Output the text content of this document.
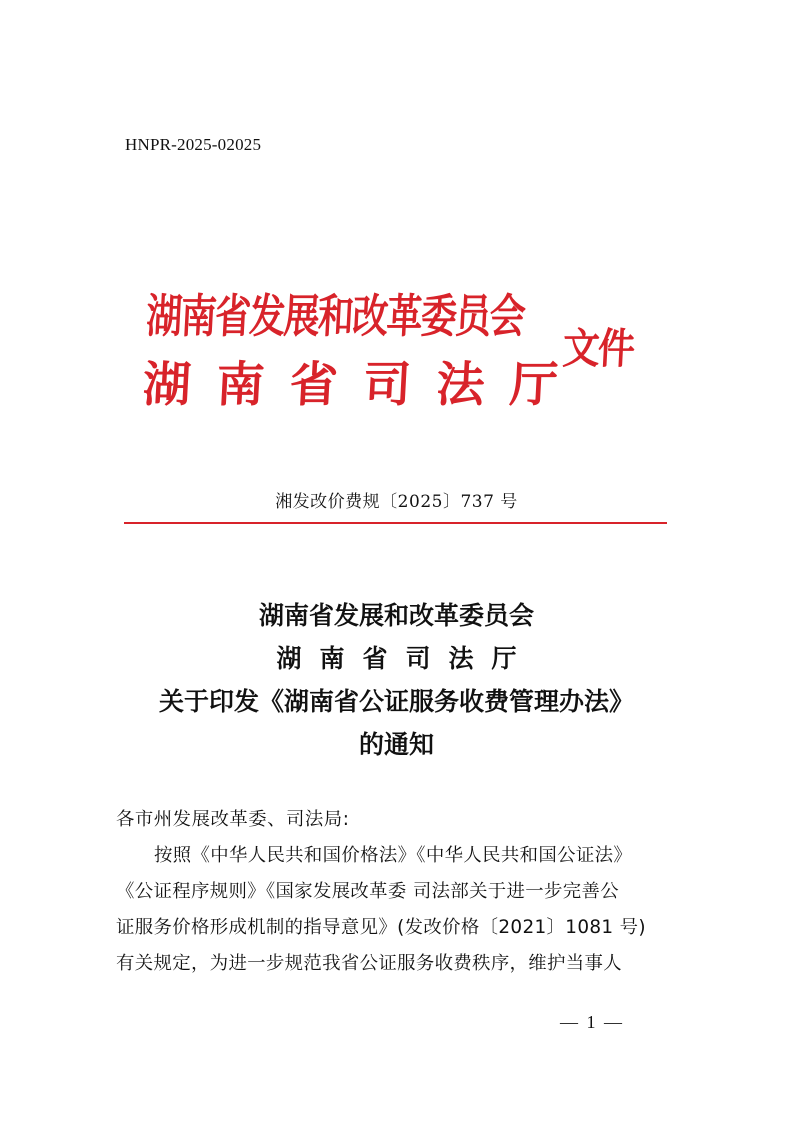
HNPR-2025-02025
湖南省发展和改革委员会
湖 南 省 司 法 厅
文件
湘发改价费规〔2025〕737 号
湖南省发展和改革委员会
湖南省司法厅
关于印发《湖南省公证服务收费管理办法》
的通知

各市州发展改革委、司法局:

按照《中华人民共和国价格法》《中华人民共和国公证法》

《公证程序规则》《国家发展改革委 司法部关于进一步完善公

证服务价格形成机制的指导意见》(发改价格〔2021〕1081 号)

有关规定，为进一步规范我省公证服务收费秩序，维护当事人

— 1 —
